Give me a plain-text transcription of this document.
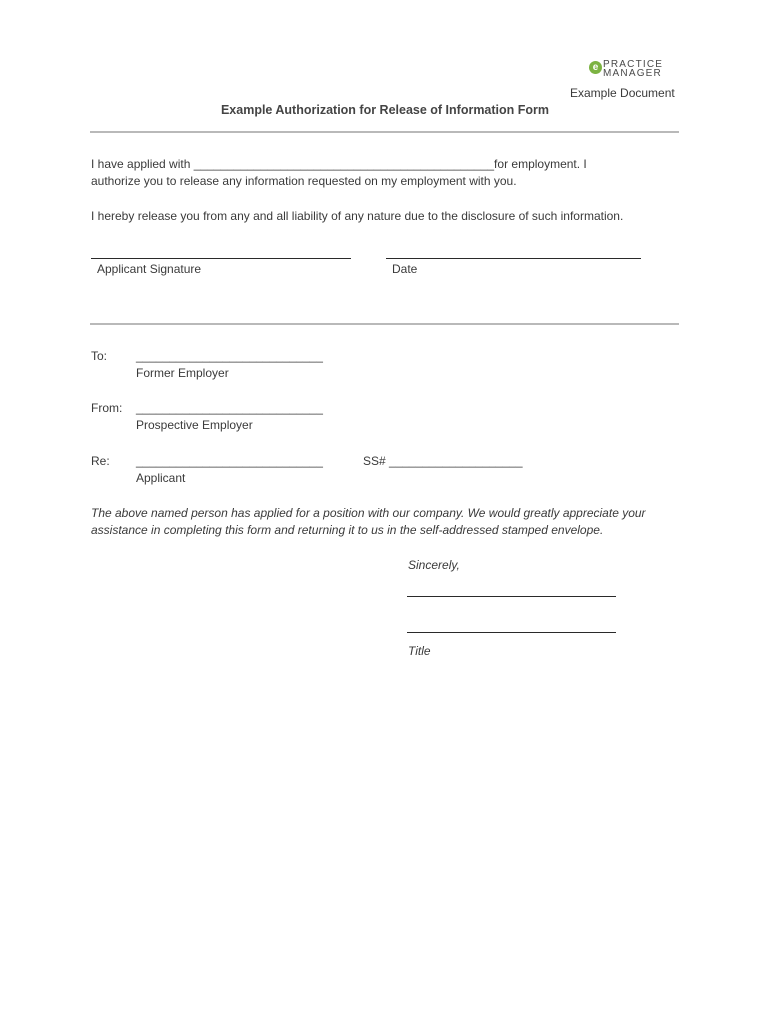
e PRACTICE
MANAGER
Example Document
Example Authorization for Release of Information Form
I have applied with _____________________________________________for employment. I
authorize you to release any information requested on my employment with you.
I hereby release you from any and all liability of any nature due to the disclosure of such information.
Applicant Signature	Date
To: ____________________________
Former Employer
From: ____________________________
Prospective Employer
Re: ____________________________	SS# ____________________
Applicant
The above named person has applied for a position with our company. We would greatly appreciate your
assistance in completing this form and returning it to us in the self-addressed stamped envelope.
Sincerely,
Title
